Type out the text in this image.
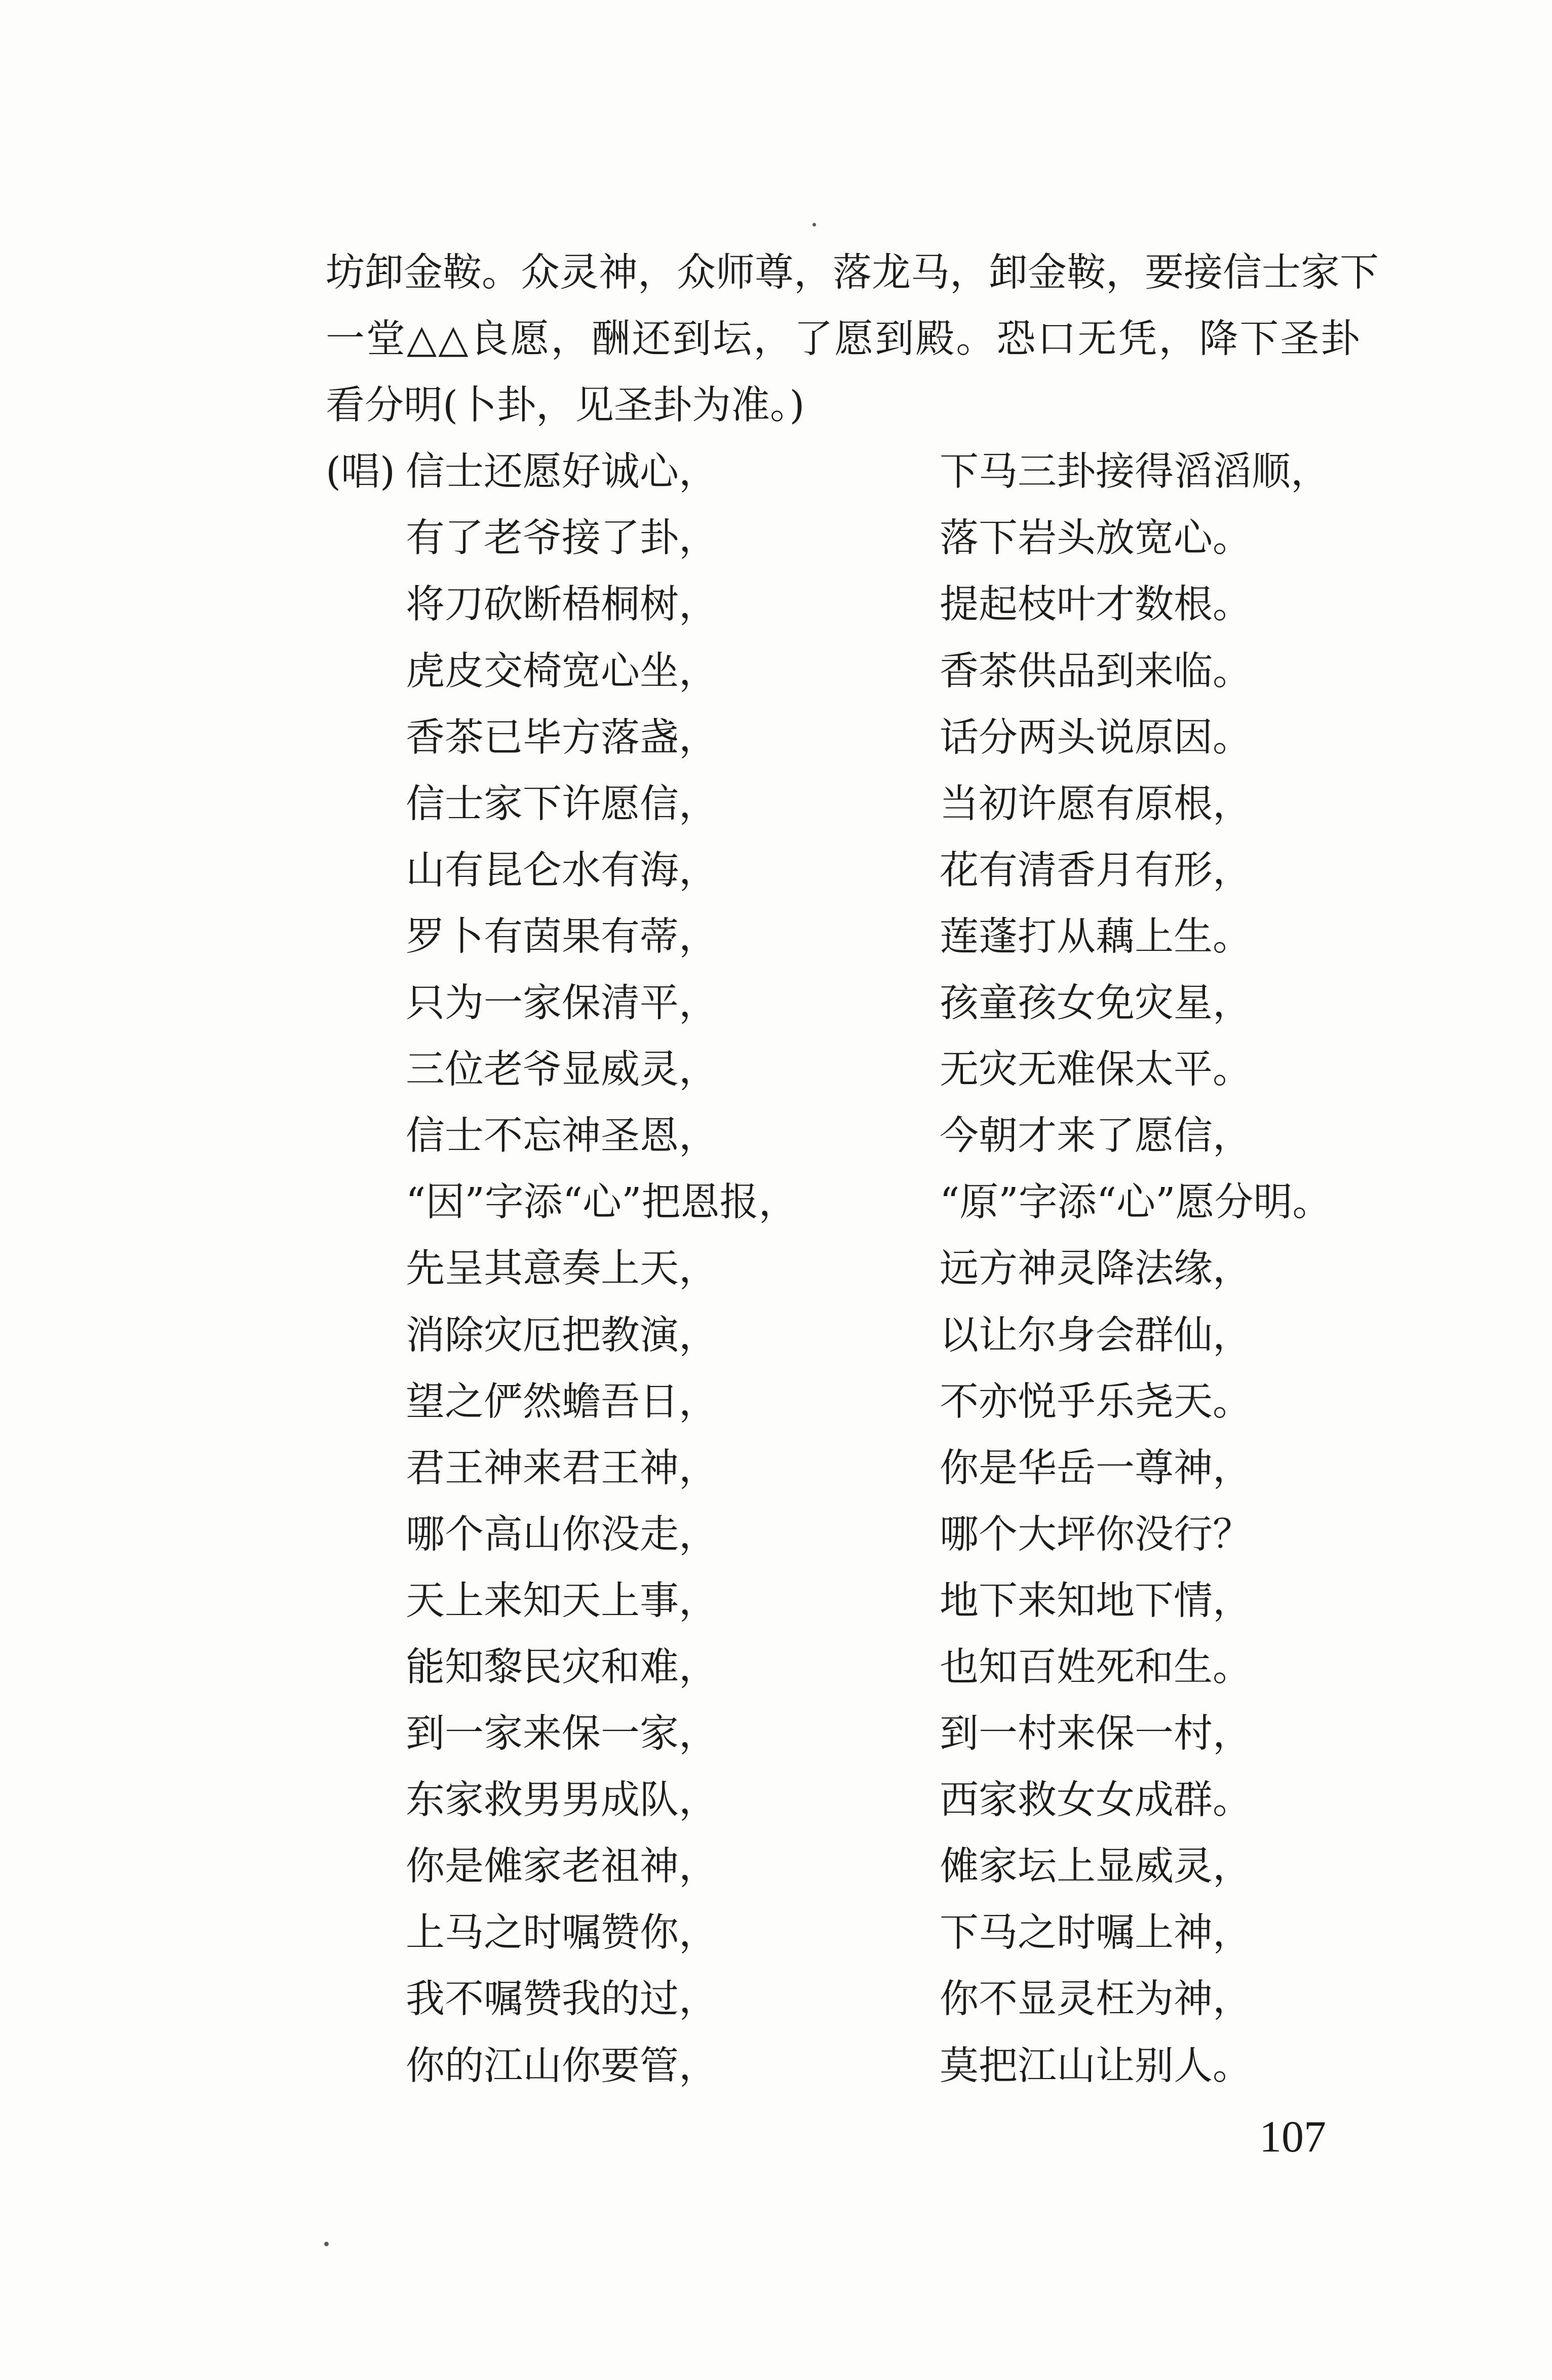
坊卸金鞍。众灵神，众师尊，落龙马，卸金鞍，要接信士家下
一堂△△良愿，酬还到坛，了愿到殿。恐口无凭，降下圣卦
看分明(卜卦，见圣卦为准。)
(唱) 信士还愿好诚心，	下马三卦接得滔滔顺，
有了老爷接了卦，	落下岩头放宽心。
将刀砍断梧桐树，	提起枝叶才数根。
虎皮交椅宽心坐，	香茶供品到来临。
香茶已毕方落盏，	话分两头说原因。
信士家下许愿信，	当初许愿有原根，
山有昆仑水有海，	花有清香月有形，
罗卜有茵果有蒂，	莲蓬打从藕上生。
只为一家保清平，	孩童孩女免灾星，
三位老爷显威灵，	无灾无难保太平。
信士不忘神圣恩，	今朝才来了愿信，
“因”字添“心”把恩报，	“原”字添“心”愿分明。
先呈其意奏上天，	远方神灵降法缘，
消除灾厄把教演，	以让尔身会群仙，
望之俨然蟾吾日，	不亦悦乎乐尧天。
君王神来君王神，	你是华岳一尊神，
哪个高山你没走，	哪个大坪你没行？
天上来知天上事，	地下来知地下情，
能知黎民灾和难，	也知百姓死和生。
到一家来保一家，	到一村来保一村，
东家救男男成队，	西家救女女成群。
你是傩家老祖神，	傩家坛上显威灵，
上马之时嘱赞你，	下马之时嘱上神，
我不嘱赞我的过，	你不显灵枉为神，
你的江山你要管，	莫把江山让别人。
107
